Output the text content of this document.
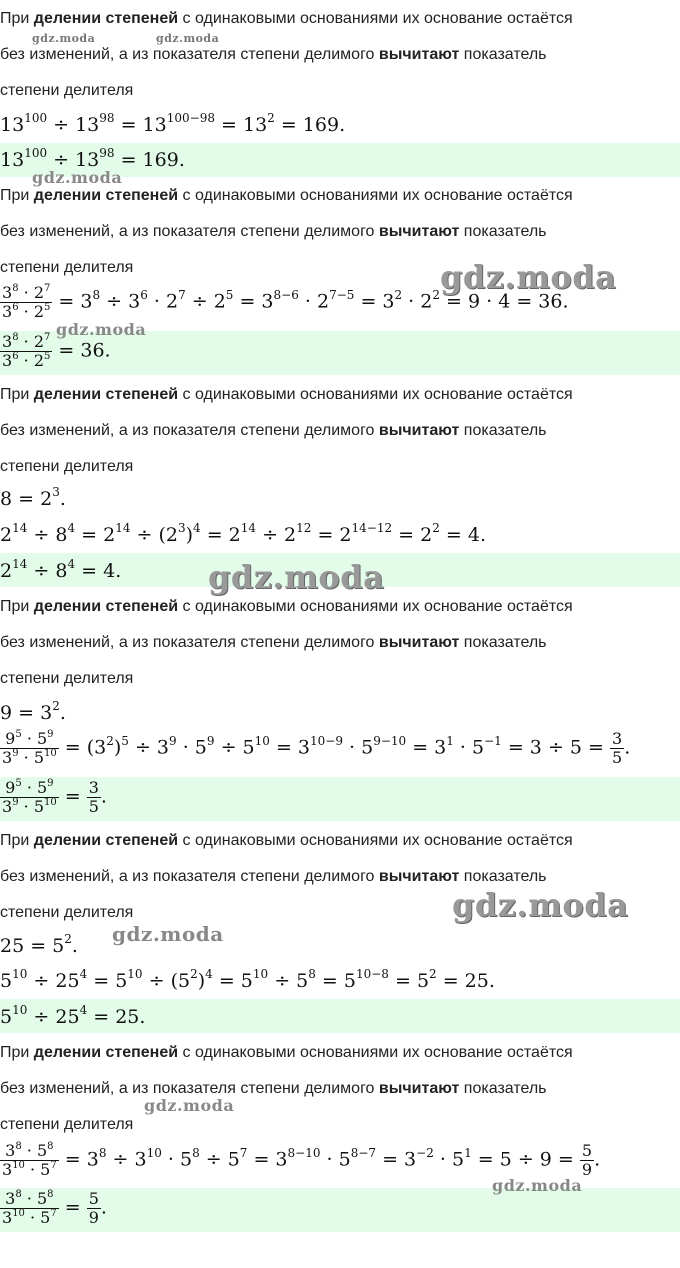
При делении степеней с одинаковыми основаниями их основание остаётся
без изменений, а из показателя степени делимого вычитают показатель
степени делителя
$13^{100} \div 13^{98} = 13^{100-98} = 13^2 = 169$.
$13^{100} \div 13^{98} = 169$.
При делении степеней с одинаковыми основаниями их основание остаётся
без изменений, а из показателя степени делимого вычитают показатель
степени делителя
$\frac{3^8 \cdot 2^7}{3^6 \cdot 2^5} = 3^8 \div 3^6 \cdot 2^7 \div 2^5 = 3^{8-6} \cdot 2^{7-5} = 3^2 \cdot 2^2 = 9 \cdot 4 = 36$.
$\frac{3^8 \cdot 2^7}{3^6 \cdot 2^5} = 36$.
При делении степеней с одинаковыми основаниями их основание остаётся
без изменений, а из показателя степени делимого вычитают показатель
степени делителя
$8 = 2^3$.
$2^{14} \div 8^4 = 2^{14} \div (2^3)^4 = 2^{14} \div 2^{12} = 2^{14-12} = 2^2 = 4$.
$2^{14} \div 8^4 = 4$.
При делении степеней с одинаковыми основаниями их основание остаётся
без изменений, а из показателя степени делимого вычитают показатель
степени делителя
$9 = 3^2$.
$\frac{9^5 \cdot 5^9}{3^9 \cdot 5^{10}} = (3^2)^5 \div 3^9 \cdot 5^9 \div 5^{10} = 3^{10-9} \cdot 5^{9-10} = 3^1 \cdot 5^{-1} = 3 \div 5 = \frac{3}{5}$ .
$\frac{9^5 \cdot 5^9}{3^9 \cdot 5^{10}} = \frac{3}{5}$ .
При делении степеней с одинаковыми основаниями их основание остаётся
без изменений, а из показателя степени делимого вычитают показатель
степени делителя
$25 = 5^2$.
$5^{10} \div 25^4 = 5^{10} \div (5^2)^4 = 5^{10} \div 5^8 = 5^{10-8} = 5^2 = 25$.
$5^{10} \div 25^4 = 25$.
При делении степеней с одинаковыми основаниями их основание остаётся
без изменений, а из показателя степени делимого вычитают показатель
степени делителя
$\frac{3^8 \cdot 5^8}{3^{10} \cdot 5^7} = 3^8 \div 3^{10} \cdot 5^8 \div 5^7 = 3^{8-10} \cdot 5^{8-7} = 3^{-2} \cdot 5^1 = 5 \div 9 = \frac{5}{9}$ .
$\frac{3^8 \cdot 5^8}{3^{10} \cdot 5^7} = \frac{5}{9}$ .
gdz.moda	gdz.moda
gdz.moda
gdz.moda
gdz.moda
gdz.moda
gdz.moda
gdz.moda
gdz.moda
gdz.moda
